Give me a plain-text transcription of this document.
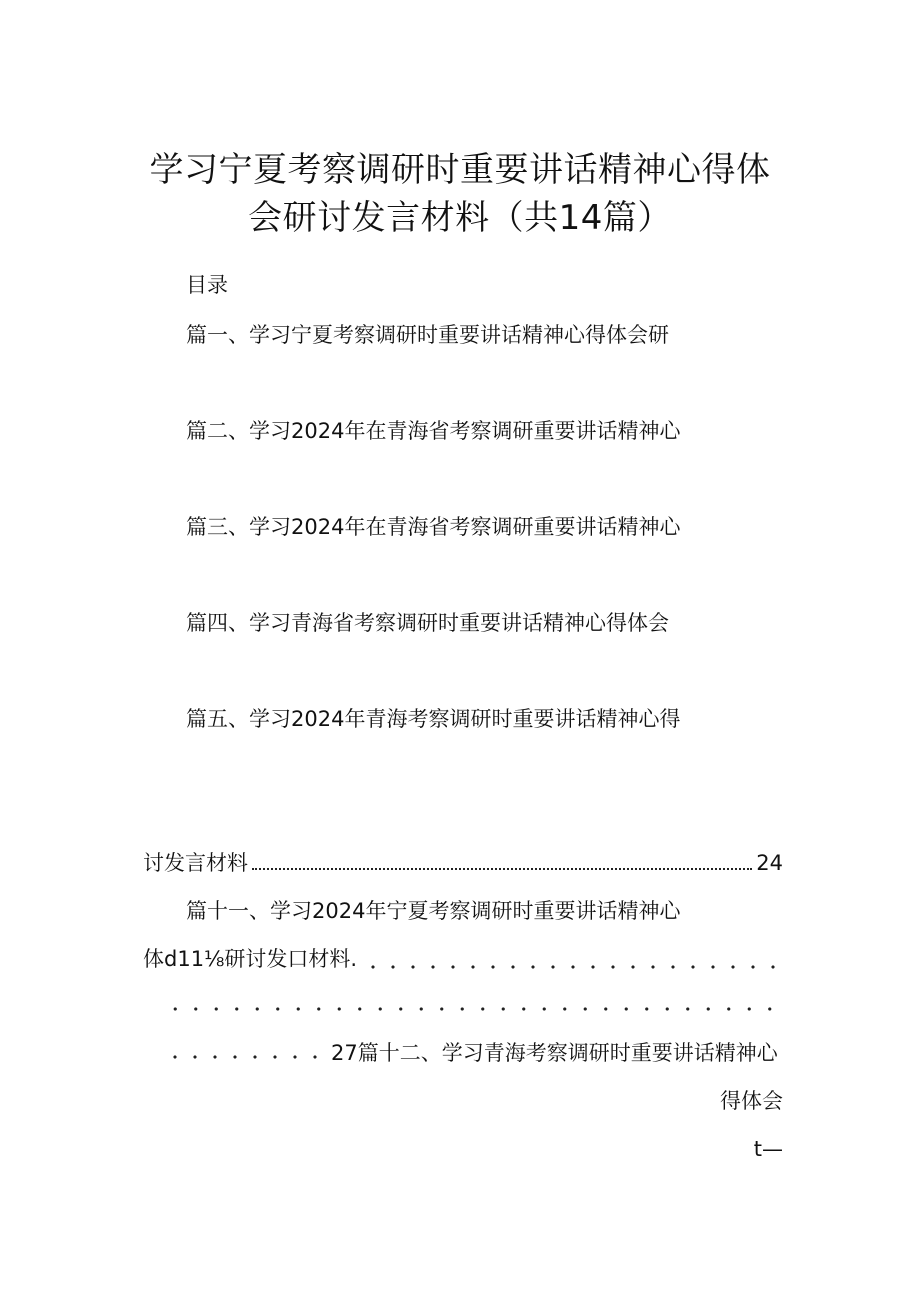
学习宁夏考察调研时重要讲话精神心得体
会研讨发言材料（共14篇）
目录
篇一、学习宁夏考察调研时重要讲话精神心得体会研
篇二、学习2024年在青海省考察调研重要讲话精神心
篇三、学习2024年在青海省考察调研重要讲话精神心
篇四、学习青海省考察调研时重要讲话精神心得体会
篇五、学习2024年青海考察调研时重要讲话精神心得
讨发言材料	24
篇十一、学习2024年宁夏考察调研时重要讲话精神心
体d11⅛研讨发口材料.
27篇十二、学习青海考察调研时重要讲话精神心
得体会
t—
